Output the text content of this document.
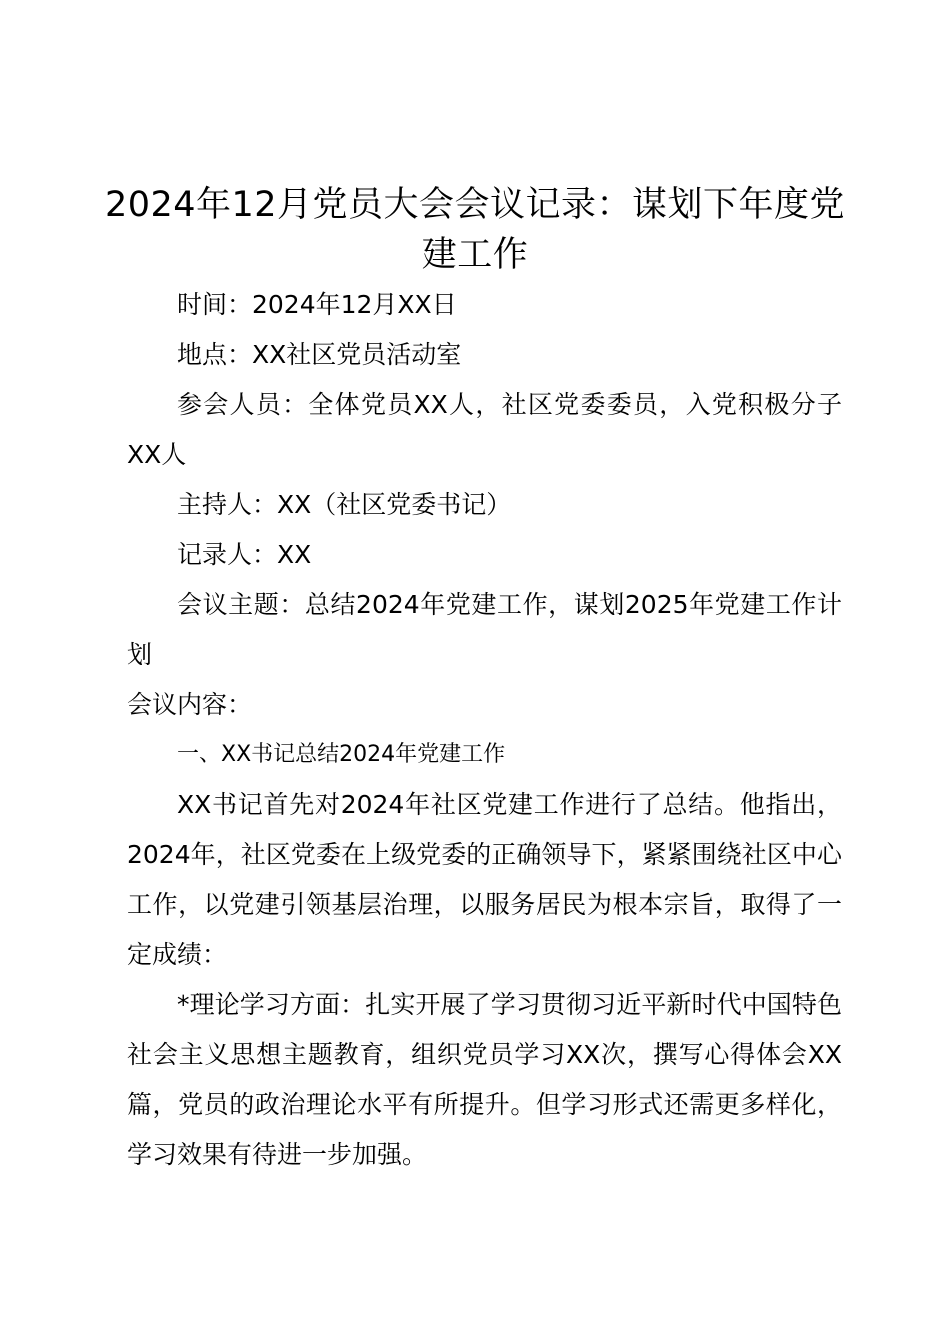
2024年12月党员大会会议记录：谋划下年度党建工作

时间：2024年12月XX日

地点：XX社区党员活动室

参会人员：全体党员XX人，社区党委委员，入党积极分子XX人

主持人：XX（社区党委书记）

记录人：XX

会议主题：总结2024年党建工作，谋划2025年党建工作计划

会议内容：

一、XX书记总结2024年党建工作

XX书记首先对2024年社区党建工作进行了总结。他指出，2024年，社区党委在上级党委的正确领导下，紧紧围绕社区中心工作，以党建引领基层治理，以服务居民为根本宗旨，取得了一定成绩：

*理论学习方面：扎实开展了学习贯彻习近平新时代中国特色社会主义思想主题教育，组织党员学习XX次，撰写心得体会XX篇，党员的政治理论水平有所提升。但学习形式还需更多样化，学习效果有待进一步加强。
